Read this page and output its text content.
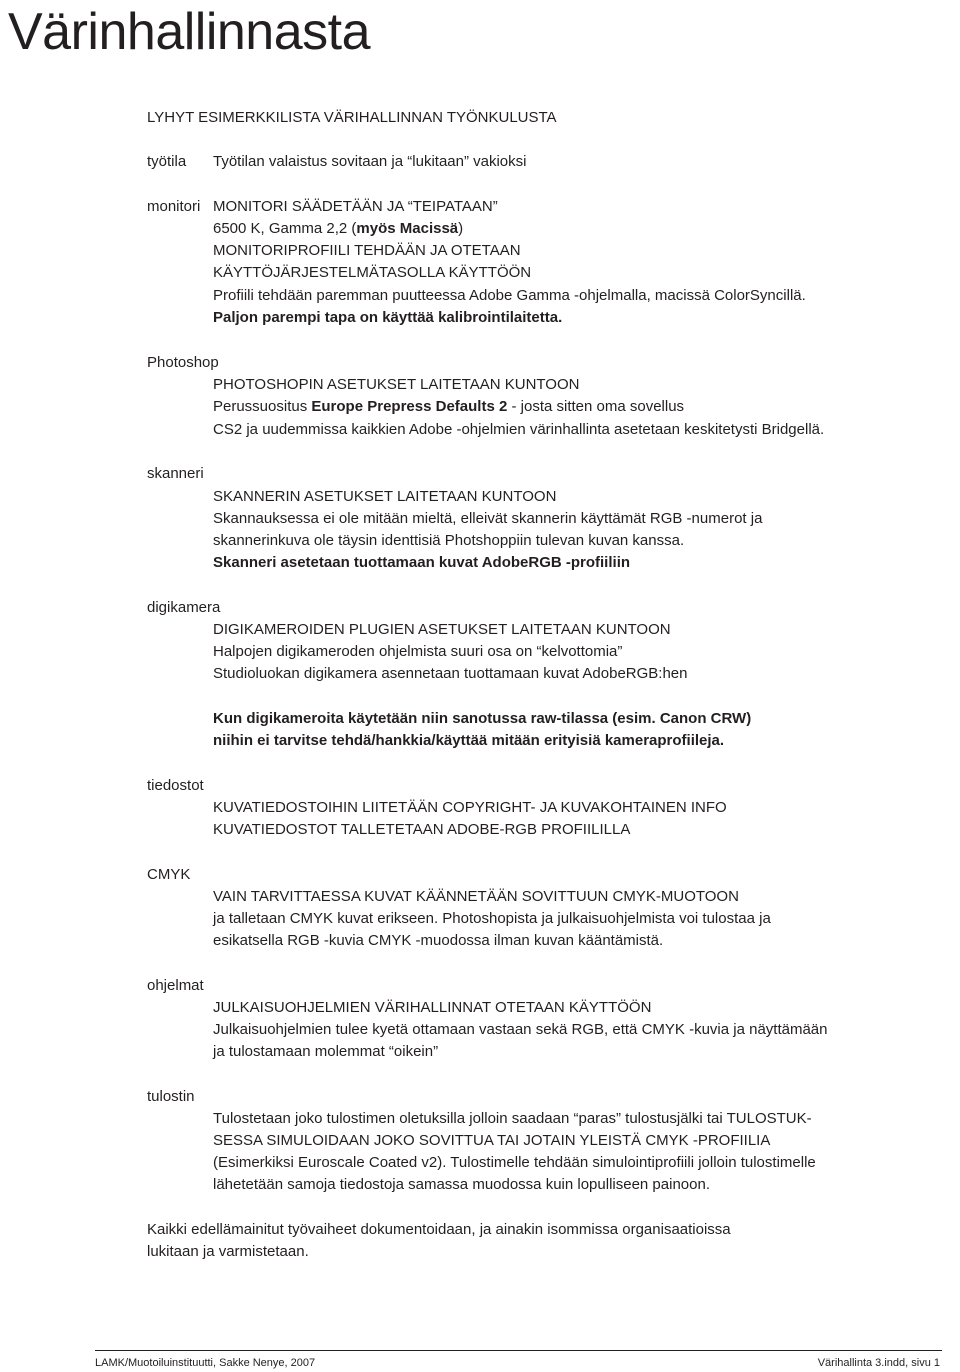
Värinhallinnasta
LYHYT ESIMERKKILISTA VÄRIHALLINNAN TYÖNKULUSTA
työtila Työtilan valaistus sovitaan ja “lukitaan” vakioksi
monitori MONITORI SÄÄDETÄÄN JA “TEIPATAAN”
6500 K, Gamma 2,2 (myös Macissä)
MONITORIPROFIILI TEHDÄÄN JA OTETAAN
KÄYTTÖJÄRJESTELMÄTASOLLA KÄYTTÖÖN
Profiili tehdään paremman puutteessa Adobe Gamma -ohjelmalla, macissä ColorSyncillä.
Paljon parempi tapa on käyttää kalibrointilaitetta.
Photoshop
PHOTOSHOPIN ASETUKSET LAITETAAN KUNTOON
Perussuositus Europe Prepress Defaults 2 - josta sitten oma sovellus
CS2 ja uudemmissa kaikkien Adobe -ohjelmien värinhallinta asetetaan keskitetysti Bridgellä.
skanneri
SKANNERIN ASETUKSET LAITETAAN KUNTOON
Skannauksessa ei ole mitään mieltä, elleivät skannerin käyttämät RGB -numerot ja
skannerinkuva ole täysin identtisiä Photshoppiin tulevan kuvan kanssa.
Skanneri asetetaan tuottamaan kuvat AdobeRGB -profiiliin
digikamera
DIGIKAMEROIDEN PLUGIEN ASETUKSET LAITETAAN KUNTOON
Halpojen digikameroden ohjelmista suuri osa on “kelvottomia”
Studioluokan digikamera asennetaan tuottamaan kuvat AdobeRGB:hen
Kun digikameroita käytetään niin sanotussa raw-tilassa (esim. Canon CRW)
niihin ei tarvitse tehdä/hankkia/käyttää mitään erityisiä kameraprofiileja.
tiedostot
KUVATIEDOSTOIHIN LIITETÄÄN COPYRIGHT- JA KUVAKOHTAINEN INFO
KUVATIEDOSTOT TALLETETAAN ADOBE-RGB PROFIILILLA
CMYK
VAIN TARVITTAESSA KUVAT KÄÄNNETÄÄN SOVITTUUN CMYK-MUOTOON
ja talletaan CMYK kuvat erikseen. Photoshopista ja julkaisuohjelmista voi tulostaa ja
esikatsella RGB -kuvia CMYK -muodossa ilman kuvan kääntämistä.
ohjelmat
JULKAISUOHJELMIEN VÄRIHALLINNAT OTETAAN KÄYTTÖÖN
Julkaisuohjelmien tulee kyetä ottamaan vastaan sekä RGB, että CMYK -kuvia ja näyttämään
ja tulostamaan molemmat “oikein”
tulostin
Tulostetaan joko tulostimen oletuksilla jolloin saadaan “paras” tulostusjälki tai TULOSTUK-
SESSA SIMULOIDAAN JOKO SOVITTUA TAI JOTAIN YLEISTÄ CMYK -PROFIILIA
(Esimerkiksi Euroscale Coated v2). Tulostimelle tehdään simulointiprofiili jolloin tulostimelle
lähetetään samoja tiedostoja samassa muodossa kuin lopulliseen painoon.
Kaikki edellämainitut työvaiheet dokumentoidaan, ja ainakin isommissa organisaatioissa
lukitaan ja varmistetaan.
LAMK/Muotoiluinstituutti, Sakke Nenye, 2007	Värihallinta 3.indd, sivu 1
